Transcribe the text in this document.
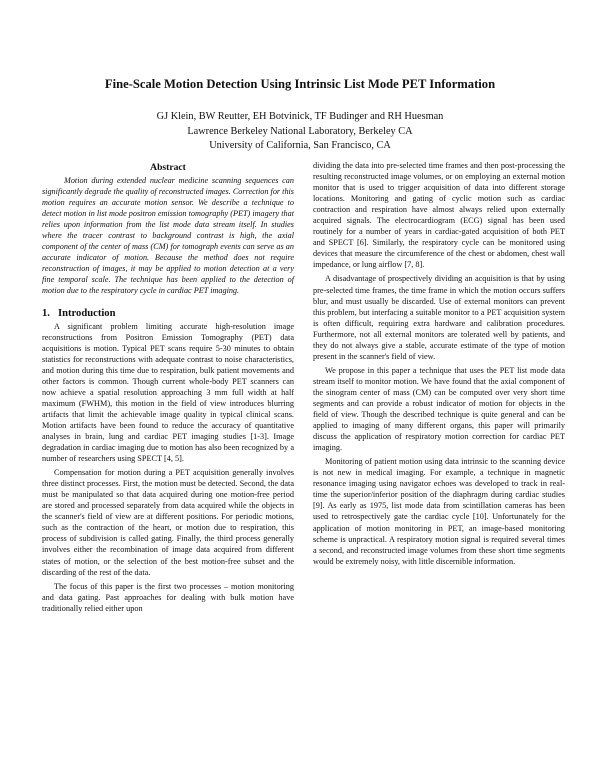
Fine-Scale Motion Detection Using Intrinsic List Mode PET Information
GJ Klein, BW Reutter, EH Botvinick, TF Budinger and RH Huesman
Lawrence Berkeley National Laboratory, Berkeley CA
University of California, San Francisco, CA
Abstract

Motion during extended nuclear medicine scanning sequences can significantly degrade the quality of reconstructed images. Correction for this motion requires an accurate motion sensor. We describe a technique to detect motion in list mode positron emission tomography (PET) imagery that relies upon information from the list mode data stream itself. In studies where the tracer contrast to background contrast is high, the axial component of the center of mass (CM) for tomograph events can serve as an accurate indicator of motion. Because the method does not require reconstruction of images, it may be applied to motion detection at a very fine temporal scale. The technique has been applied to the detection of motion due to the respiratory cycle in cardiac PET imaging.

1. Introduction

A significant problem limiting accurate high-resolution image reconstructions from Positron Emission Tomography (PET) data acquisitions is motion. Typical PET scans require 5-30 minutes to obtain statistics for reconstructions with adequate contrast to noise characteristics, and motion during this time due to respiration, bulk patient movements and other factors is common. Though current whole-body PET scanners can now achieve a spatial resolution approaching 3 mm full width at half maximum (FWHM), this motion in the field of view introduces blurring artifacts that limit the achievable image quality in typical clinical scans. Motion artifacts have been found to reduce the accuracy of quantitative analyses in brain, lung and cardiac PET imaging studies [1-3]. Image degradation in cardiac imaging due to motion has also been recognized by a number of researchers using SPECT [4, 5].

Compensation for motion during a PET acquisition generally involves three distinct processes. First, the motion must be detected. Second, the data must be manipulated so that data acquired during one motion-free period are stored and processed separately from data acquired while the objects in the scanner's field of view are at different positions. For periodic motions, such as the contraction of the heart, or motion due to respiration, this process of subdivision is called gating. Finally, the third process generally involves either the recombination of image data acquired from different states of motion, or the selection of the best motion-free subset and the discarding of the rest of the data.

The focus of this paper is the first two processes – motion monitoring and data gating. Past approaches for dealing with bulk motion have traditionally relied either upon

dividing the data into pre-selected time frames and then post-processing the resulting reconstructed image volumes, or on employing an external motion monitor that is used to trigger acquisition of data into different storage locations. Monitoring and gating of cyclic motion such as cardiac contraction and respiration have almost always relied upon externally acquired signals. The electrocardiogram (ECG) signal has been used routinely for a number of years in cardiac-gated acquisition of both PET and SPECT [6]. Similarly, the respiratory cycle can be monitored using devices that measure the circumference of the chest or abdomen, chest wall impedance, or lung airflow [7, 8].

A disadvantage of prospectively dividing an acquisition is that by using pre-selected time frames, the time frame in which the motion occurs suffers blur, and must usually be discarded. Use of external monitors can prevent this problem, but interfacing a suitable monitor to a PET acquisition system is often difficult, requiring extra hardware and calibration procedures. Furthermore, not all external monitors are tolerated well by patients, and they do not always give a stable, accurate estimate of the type of motion present in the scanner's field of view.

We propose in this paper a technique that uses the PET list mode data stream itself to monitor motion. We have found that the axial component of the sinogram center of mass (CM) can be computed over very short time segments and can provide a robust indicator of motion for objects in the field of view. Though the described technique is quite general and can be applied to imaging of many different organs, this paper will primarily discuss the application of respiratory motion correction for cardiac PET imaging.

Monitoring of patient motion using data intrinsic to the scanning device is not new in medical imaging. For example, a technique in magnetic resonance imaging using navigator echoes was developed to track in real-time the superior/inferior position of the diaphragm during cardiac studies [9]. As early as 1975, list mode data from scintillation cameras has been used to retrospectively gate the cardiac cycle [10]. Unfortunately for the application of motion monitoring in PET, an image-based monitoring scheme is unpractical. A respiratory motion signal is required several times a second, and reconstructed image volumes from these short time segments would be extremely noisy, with little discernible information.
